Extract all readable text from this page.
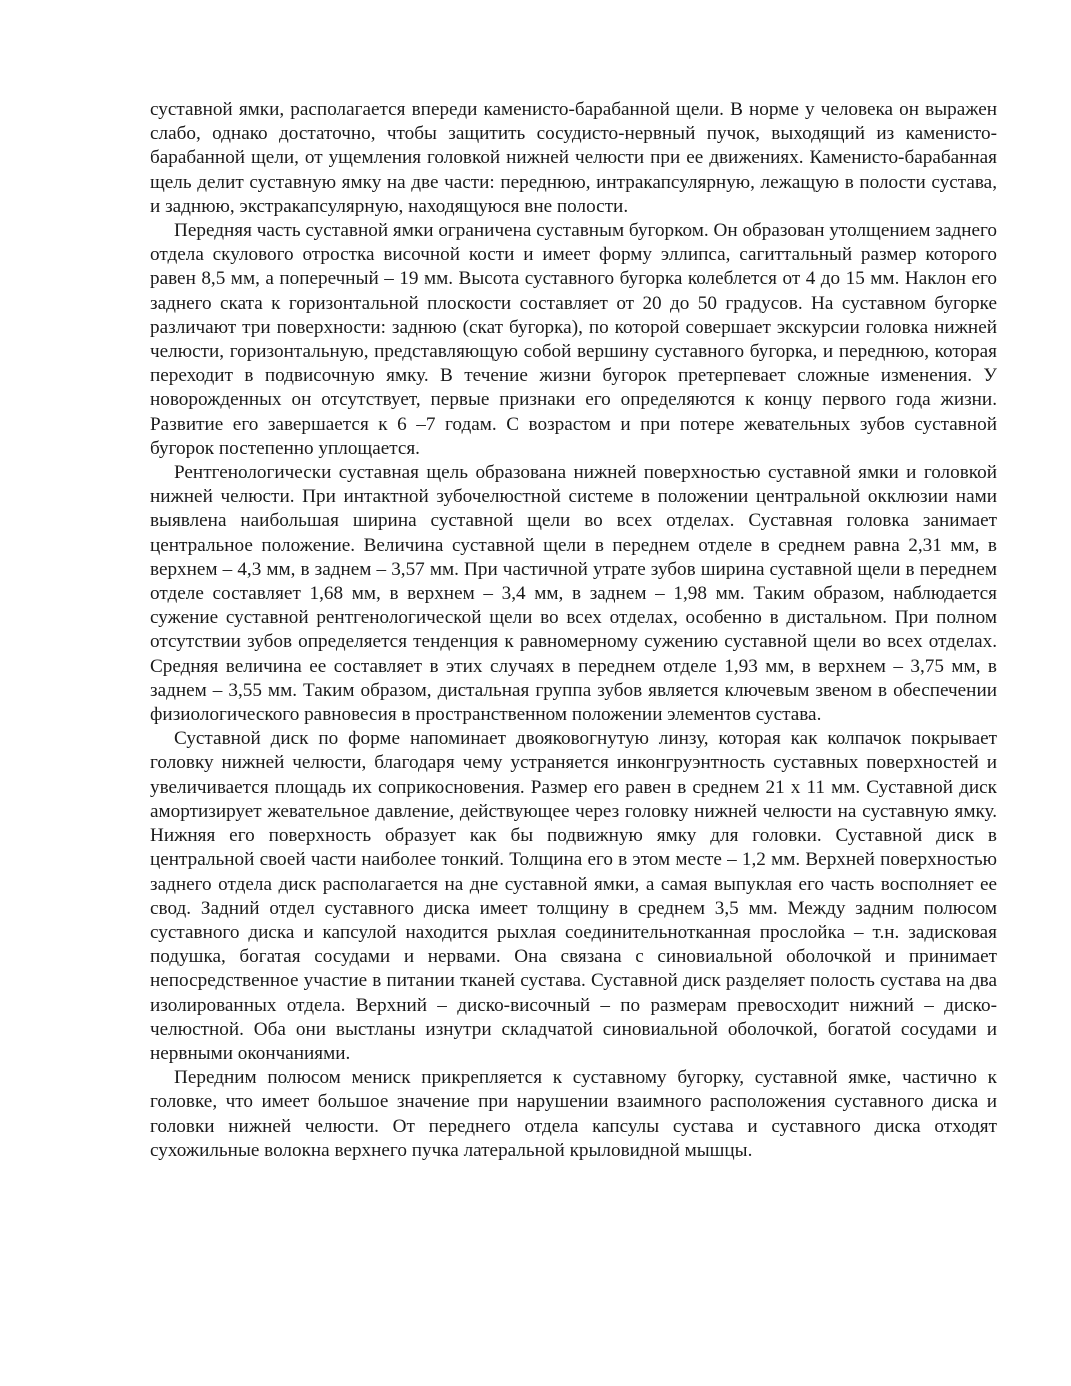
суставной ямки, располагается впереди каменисто-барабанной щели. В норме у человека он выражен слабо, однако достаточно, чтобы защитить сосудисто-нервный пучок, выходящий из каменисто-барабанной щели, от ущемления головкой нижней челюсти при ее движениях. Каменисто-барабанная щель делит суставную ямку на две части: переднюю, интракапсулярную, лежащую в полости сустава, и заднюю, экстракапсулярную, находящуюся вне полости.

Передняя часть суставной ямки ограничена суставным бугорком. Он образован утолщением заднего отдела скулового отростка височной кости и имеет форму эллипса, сагиттальный размер которого равен 8,5 мм, а поперечный – 19 мм. Высота суставного бугорка колеблется от 4 до 15 мм. Наклон его заднего ската к горизонтальной плоскости составляет от 20 до 50 градусов. На суставном бугорке различают три поверхности: заднюю (скат бугорка), по которой совершает экскурсии головка нижней челюсти, горизонтальную, представляющую собой вершину суставного бугорка, и переднюю, которая переходит в подвисочную ямку. В течение жизни бугорок претерпевает сложные изменения. У новорожденных он отсутствует, первые признаки его определяются к концу первого года жизни. Развитие его завершается к 6 –7 годам. С возрастом и при потере жевательных зубов суставной бугорок постепенно уплощается.

Рентгенологически суставная щель образована нижней поверхностью суставной ямки и головкой нижней челюсти. При интактной зубочелюстной системе в положении центральной окклюзии нами выявлена наибольшая ширина суставной щели во всех отделах. Суставная головка занимает центральное положение. Величина суставной щели в переднем отделе в среднем равна 2,31 мм, в верхнем – 4,3 мм, в заднем – 3,57 мм. При частичной утрате зубов ширина суставной щели в переднем отделе составляет 1,68 мм, в верхнем – 3,4 мм, в заднем – 1,98 мм. Таким образом, наблюдается сужение суставной рентгенологической щели во всех отделах, особенно в дистальном. При полном отсутствии зубов определяется тенденция к равномерному сужению суставной щели во всех отделах. Средняя величина ее составляет в этих случаях в переднем отделе 1,93 мм, в верхнем – 3,75 мм, в заднем – 3,55 мм. Таким образом, дистальная группа зубов является ключевым звеном в обеспечении физиологического равновесия в пространственном положении элементов сустава.

Суставной диск по форме напоминает двояковогнутую линзу, которая как колпачок покрывает головку нижней челюсти, благодаря чему устраняется инконгруэнтность суставных поверхностей и увеличивается площадь их соприкосновения. Размер его равен в среднем 21 х 11 мм. Суставной диск амортизирует жевательное давление, действующее через головку нижней челюсти на суставную ямку. Нижняя его поверхность образует как бы подвижную ямку для головки. Суставной диск в центральной своей части наиболее тонкий. Толщина его в этом месте – 1,2 мм. Верхней поверхностью заднего отдела диск располагается на дне суставной ямки, а самая выпуклая его часть восполняет ее свод. Задний отдел суставного диска имеет толщину в среднем 3,5 мм. Между задним полюсом суставного диска и капсулой находится рыхлая соединительнотканная прослойка – т.н. задисковая подушка, богатая сосудами и нервами. Она связана с синовиальной оболочкой и принимает непосредственное участие в питании тканей сустава. Суставной диск разделяет полость сустава на два изолированных отдела. Верхний – диско-височный – по размерам превосходит нижний – диско-челюстной. Оба они выстланы изнутри складчатой синовиальной оболочкой, богатой сосудами и нервными окончаниями.

Передним полюсом мениск прикрепляется к суставному бугорку, суставной ямке, частично к головке, что имеет большое значение при нарушении взаимного расположения суставного диска и головки нижней челюсти. От переднего отдела капсулы сустава и суставного диска отходят сухожильные волокна верхнего пучка латеральной крыловидной мышцы.
